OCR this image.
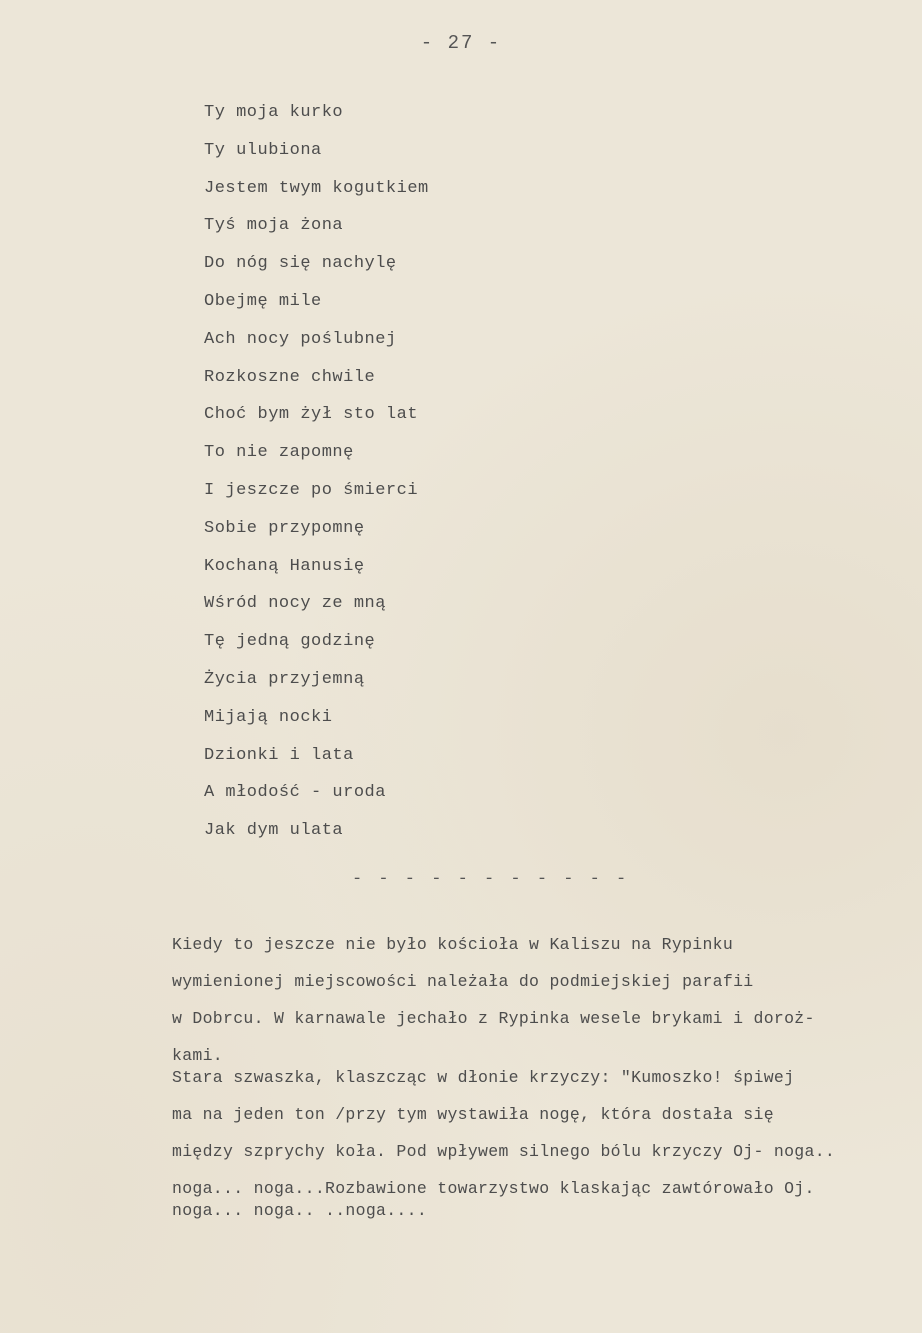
- 27 -
Ty moja kurko
Ty ulubiona
Jestem twym kogutkiem
Tyś moja żona
Do nóg się nachylę
Obejmę mile
Ach nocy poślubnej
Rozkoszne chwile
Choć bym żył sto lat
To nie zapomnę
I jeszcze po śmierci
Sobie przypomnę
Kochaną Hanusię
Wśród nocy ze mną
Tę jedną godzinę
Życia przyjemną
Mijają nocki
Dzionki i lata
A młodość - uroda
Jak dym ulata
- - - - - - - - - - -
Kiedy to jeszcze nie było kościoła w Kaliszu na Rypinku
wymienionej miejscowości należała do podmiejskiej parafii
w Dobrcu. W karnawale jechało z Rypinka wesele brykami i doroż-
kami.
Stara szwaszka, klaszcząc w dłonie krzyczy: "Kumoszko! śpiwej
ma na jeden ton /przy tym wystawiła nogę, która dostała się
między szprychy koła. Pod wpływem silnego bólu krzyczy Oj- noga..
noga... noga...Rozbawione towarzystwo klaskając zawtórowało Oj.
noga... noga.. ..noga....
